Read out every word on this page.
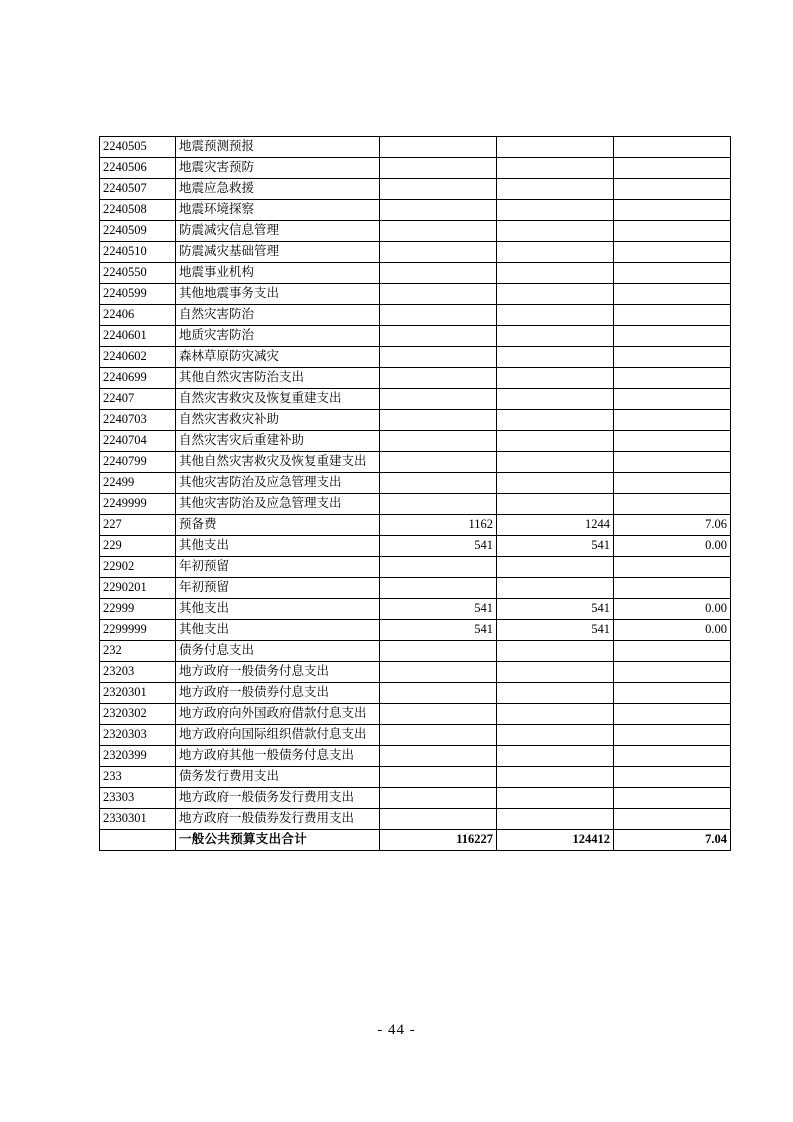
2240505	地震预测预报			
2240506	地震灾害预防			
2240507	地震应急救援			
2240508	地震环境探察			
2240509	防震减灾信息管理			
2240510	防震减灾基础管理			
2240550	地震事业机构			
2240599	其他地震事务支出			
22406	自然灾害防治			
2240601	地质灾害防治			
2240602	森林草原防灾减灾			
2240699	其他自然灾害防治支出			
22407	自然灾害救灾及恢复重建支出			
2240703	自然灾害救灾补助			
2240704	自然灾害灾后重建补助			
2240799	其他自然灾害救灾及恢复重建支出			
22499	其他灾害防治及应急管理支出			
2249999	其他灾害防治及应急管理支出			
227	预备费	1162	1244	7.06
229	其他支出	541	541	0.00
22902	年初预留			
2290201	年初预留			
22999	其他支出	541	541	0.00
2299999	其他支出	541	541	0.00
232	债务付息支出			
23203	地方政府一般债务付息支出			
2320301	地方政府一般债券付息支出			
2320302	地方政府向外国政府借款付息支出			
2320303	地方政府向国际组织借款付息支出			
2320399	地方政府其他一般债务付息支出			
233	债务发行费用支出			
23303	地方政府一般债务发行费用支出			
2330301	地方政府一般债券发行费用支出			
	一般公共预算支出合计	116227	124412	7.04
- 44 -
